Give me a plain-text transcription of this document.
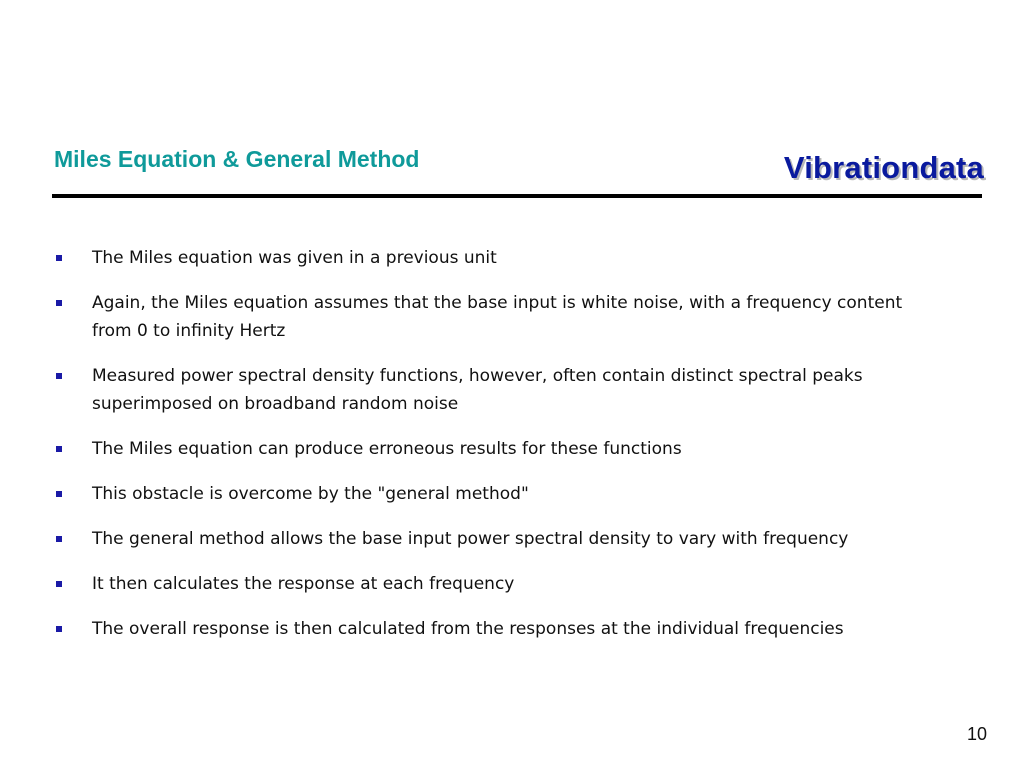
Miles Equation & General Method	Vibrationdata
The Miles equation was given in a previous unit
Again, the Miles equation assumes that the base input is white noise, with a frequency content from 0 to infinity Hertz
Measured power spectral density functions, however, often contain distinct spectral peaks superimposed on broadband random noise
The Miles equation can produce erroneous results for these functions
This obstacle is overcome by the "general method"
The general method allows the base input power spectral density to vary with frequency
It then calculates the response at each frequency
The overall response is then calculated from the responses at the individual frequencies
10
